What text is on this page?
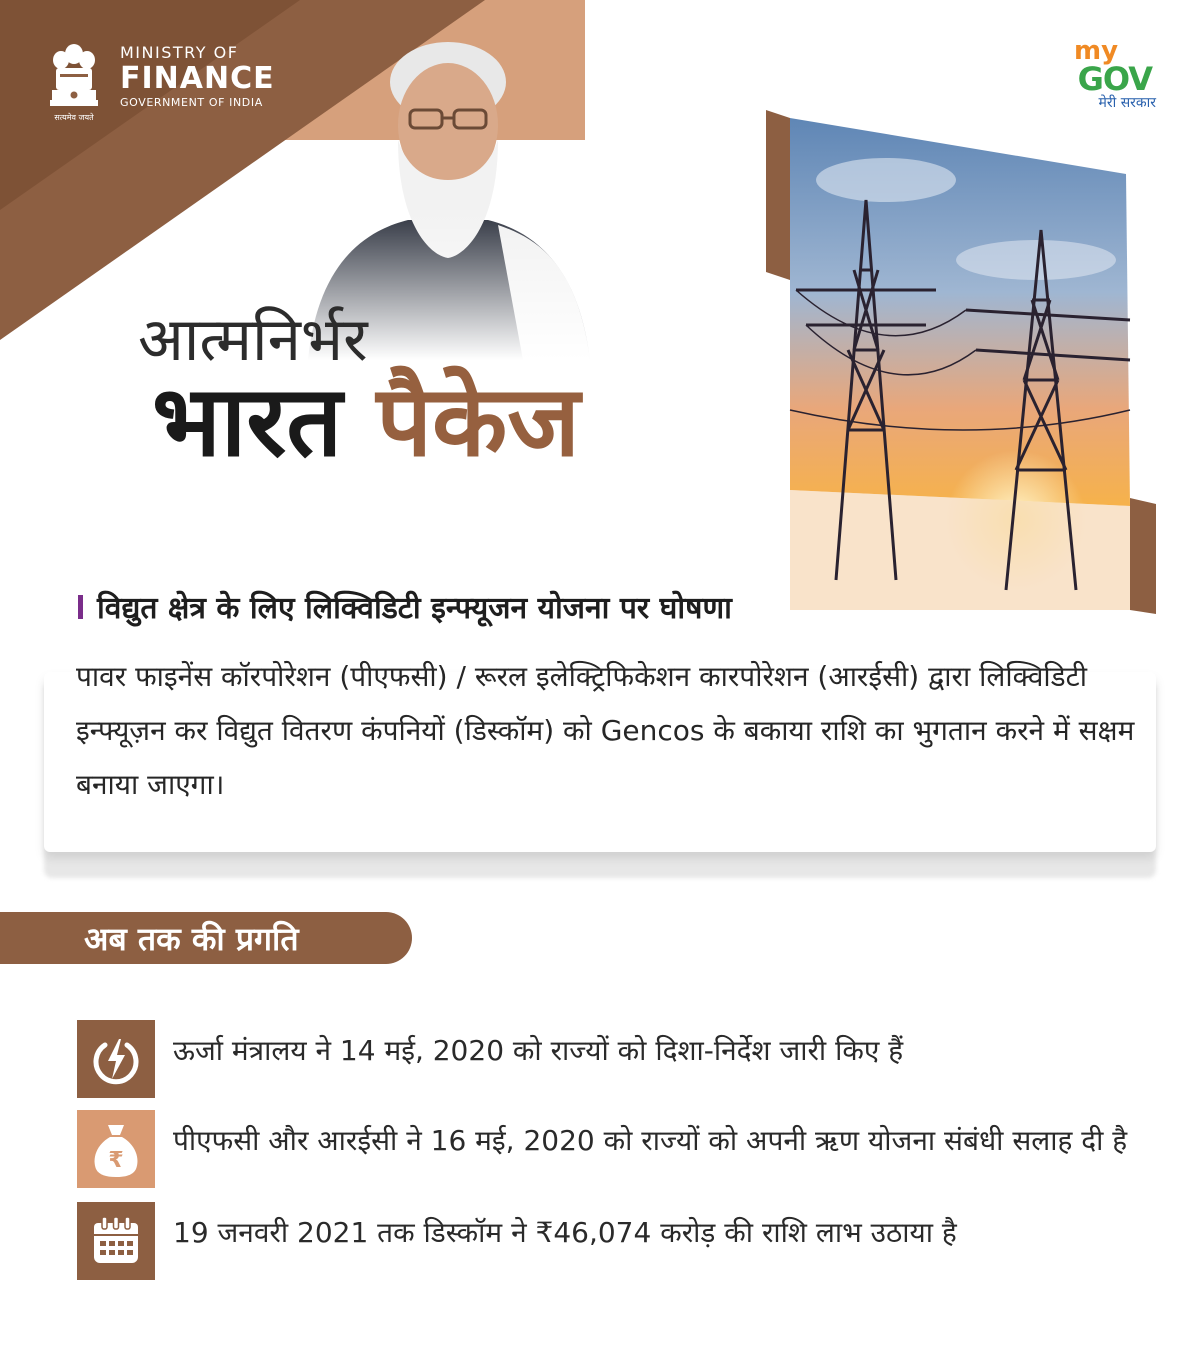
सत्यमेव जयते
MINISTRY OF
FINANCE
GOVERNMENT OF INDIA
my
GOV
मेरी सरकार
आत्मनिर्भर
भारत पैकेज
विद्युत क्षेत्र के लिए लिक्विडिटी इन्फ्यूजन योजना पर घोषणा
पावर फाइनेंस कॉरपोरेशन (पीएफसी) / रूरल इलेक्ट्रिफिकेशन कारपोरेशन (आरईसी) द्वारा लिक्विडिटी इन्फ्यूज़न कर विद्युत वितरण कंपनियों (डिस्कॉम) को Gencos के बकाया राशि का भुगतान करने में सक्षम बनाया जाएगा।
अब तक की प्रगति
ऊर्जा मंत्रालय ने 14 मई, 2020 को राज्यों को दिशा-निर्देश जारी किए हैं
₹
पीएफसी और आरईसी ने 16 मई, 2020 को राज्यों को अपनी ऋण योजना संबंधी सलाह दी है
19 जनवरी 2021 तक डिस्कॉम ने ₹46,074 करोड़ की राशि लाभ उठाया है
